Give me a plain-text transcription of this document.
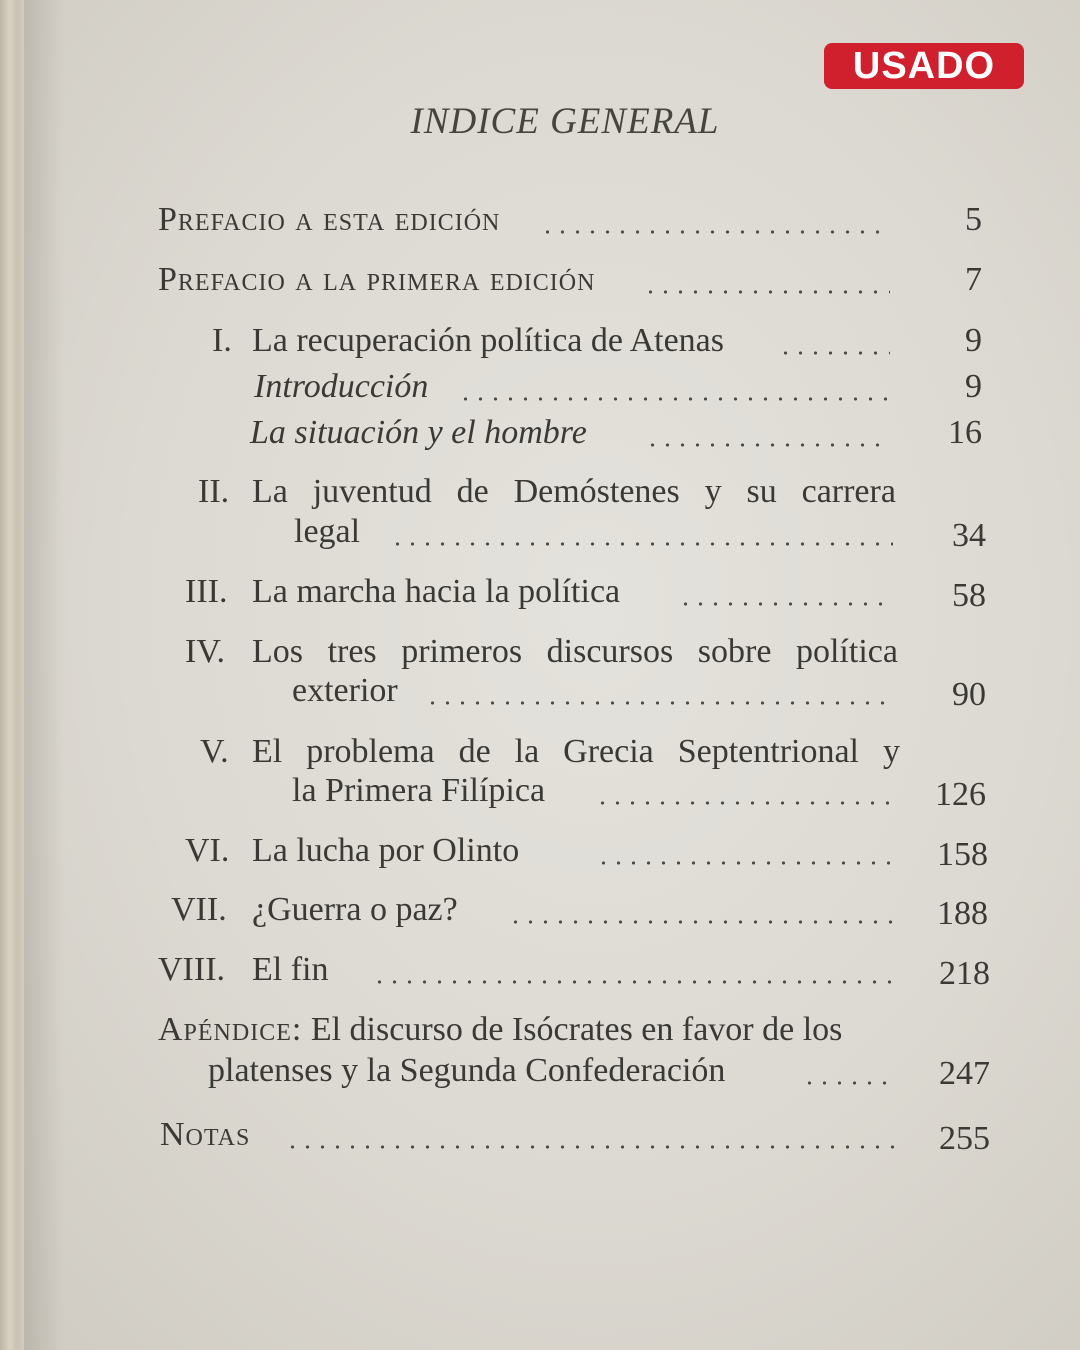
USADO
INDICE GENERAL
Prefacio a esta edición	5
Prefacio a la primera edición	7
I. La recuperación política de Atenas	9
Introducción	9
La situación y el hombre	16
II. La juventud de Demóstenes y su carrera
legal	34
III. La marcha hacia la política	58
IV. Los tres primeros discursos sobre política
exterior	90
V. El problema de la Grecia Septentrional y
la Primera Filípica	126
VI. La lucha por Olinto	158
VII. ¿Guerra o paz?	188
VIII. El fin	218
Apéndice: El discurso de Isócrates en favor de los
platenses y la Segunda Confederación	247
Notas	255
